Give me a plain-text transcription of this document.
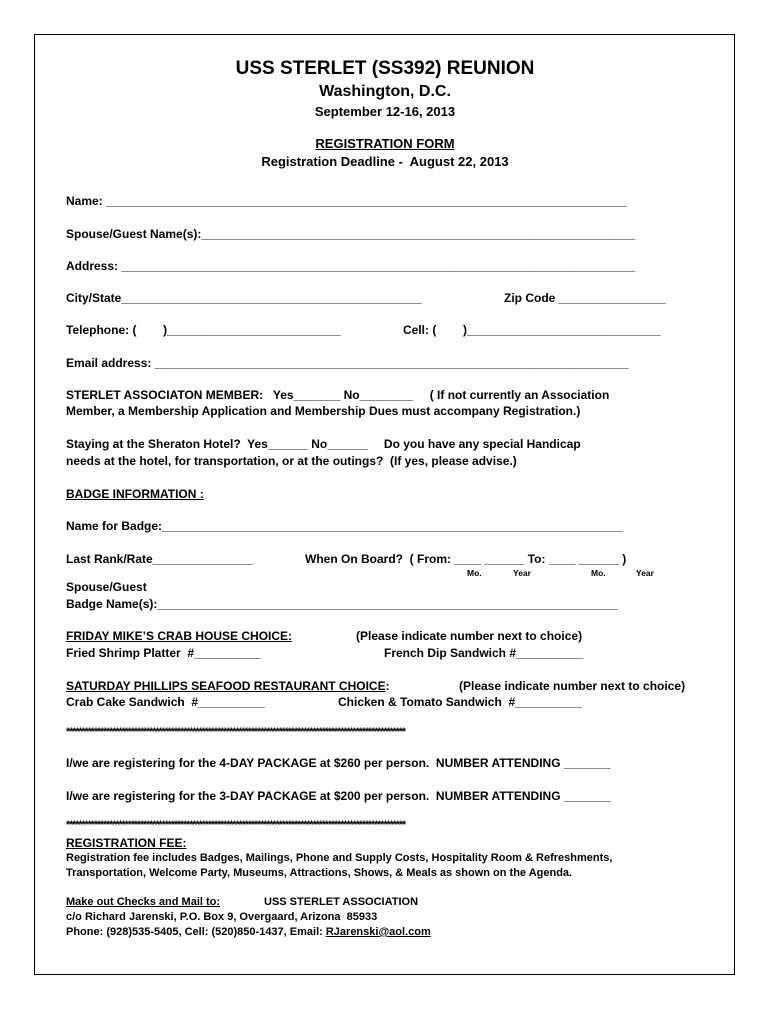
USS STERLET (SS392) REUNION
Washington, D.C.
September 12-16, 2013
REGISTRATION FORM
Registration Deadline -  August 22, 2013
Name: ______________________________________________________________________________
Spouse/Guest Name(s):_________________________________________________________________
Address: _____________________________________________________________________________
City/State_____________________________________________	Zip Code ________________
Telephone: (        )__________________________	Cell: (        )_____________________________
Email address: _______________________________________________________________________
STERLET ASSOCIATON MEMBER:   Yes_______ No________     ( If not currently an Association
Member, a Membership Application and Membership Dues must accompany Registration.)
Staying at the Sheraton Hotel?  Yes______ No______     Do you have any special Handicap
needs at the hotel, for transportation, or at the outings?  (If yes, please advise.)
BADGE INFORMATION :
Name for Badge:_____________________________________________________________________
Last Rank/Rate_______________	When On Board?  ( From: ____ ______ To: ____ ______ )
Mo.	Year	Mo.	Year
Spouse/Guest
Badge Name(s):_____________________________________________________________________
FRIDAY MIKE’S CRAB HOUSE CHOICE:	(Please indicate number next to choice)
Fried Shrimp Platter  #__________	French Dip Sandwich #__________
SATURDAY PHILLIPS SEAFOOD RESTAURANT CHOICE:	(Please indicate number next to choice)
Crab Cake Sandwich  #__________	Chicken & Tomato Sandwich  #__________
**************************************************************************************************************
I/we are registering for the 4-DAY PACKAGE at $260 per person.  NUMBER ATTENDING _______
I/we are registering for the 3-DAY PACKAGE at $200 per person.  NUMBER ATTENDING _______
**************************************************************************************************************
REGISTRATION FEE:
Registration fee includes Badges, Mailings, Phone and Supply Costs, Hospitality Room & Refreshments,
Transportation, Welcome Party, Museums, Attractions, Shows, & Meals as shown on the Agenda.
Make out Checks and Mail to:	USS STERLET ASSOCIATION
c/o Richard Jarenski, P.O. Box 9, Overgaard, Arizona  85933
Phone: (928)535-5405, Cell: (520)850-1437, Email: RJarenski@aol.com
